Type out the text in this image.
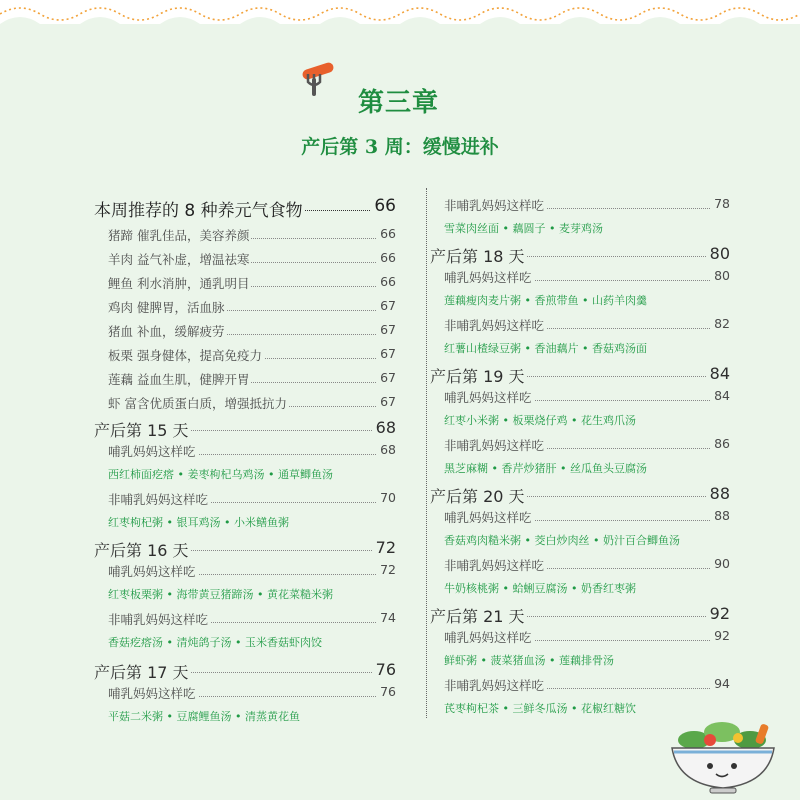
第三章
产后第 3 周：缓慢进补
本周推荐的 8 种养元气食物	66
猪蹄 催乳佳品，美容养颜	66
羊肉 益气补虚，增温祛寒	66
鲤鱼 利水消肿，通乳明目	66
鸡肉 健脾胃，活血脉	67
猪血 补血，缓解疲劳	67
板栗 强身健体，提高免疫力	67
莲藕 益血生肌，健脾开胃	67
虾 富含优质蛋白质，增强抵抗力	67
产后第 15 天	68
哺乳妈妈这样吃	68
西红柿面疙瘩 • 姜枣枸杞乌鸡汤 • 通草鲫鱼汤
非哺乳妈妈这样吃	70
红枣枸杞粥 • 银耳鸡汤 • 小米鳝鱼粥
产后第 16 天	72
哺乳妈妈这样吃	72
红枣板栗粥 • 海带黄豆猪蹄汤 • 黄花菜糙米粥
非哺乳妈妈这样吃	74
香菇疙瘩汤 • 清炖鸽子汤 • 玉米香菇虾肉饺
产后第 17 天	76
哺乳妈妈这样吃	76
平菇二米粥 • 豆腐鲤鱼汤 • 清蒸黄花鱼
非哺乳妈妈这样吃	78
雪菜肉丝面 • 藕圆子 • 麦芽鸡汤
产后第 18 天	80
哺乳妈妈这样吃	80
莲藕瘦肉麦片粥 • 香煎带鱼 • 山药羊肉羹
非哺乳妈妈这样吃	82
红薯山楂绿豆粥 • 香油藕片 • 香菇鸡汤面
产后第 19 天	84
哺乳妈妈这样吃	84
红枣小米粥 • 板栗烧仔鸡 • 花生鸡爪汤
非哺乳妈妈这样吃	86
黑芝麻糊 • 香芹炒猪肝 • 丝瓜鱼头豆腐汤
产后第 20 天	88
哺乳妈妈这样吃	88
香菇鸡肉糙米粥 • 茭白炒肉丝 • 奶汁百合鲫鱼汤
非哺乳妈妈这样吃	90
牛奶核桃粥 • 蛤蜊豆腐汤 • 奶香红枣粥
产后第 21 天	92
哺乳妈妈这样吃	92
鲜虾粥 • 菠菜猪血汤 • 莲藕排骨汤
非哺乳妈妈这样吃	94
芪枣枸杞茶 • 三鲜冬瓜汤 • 花椒红糖饮
